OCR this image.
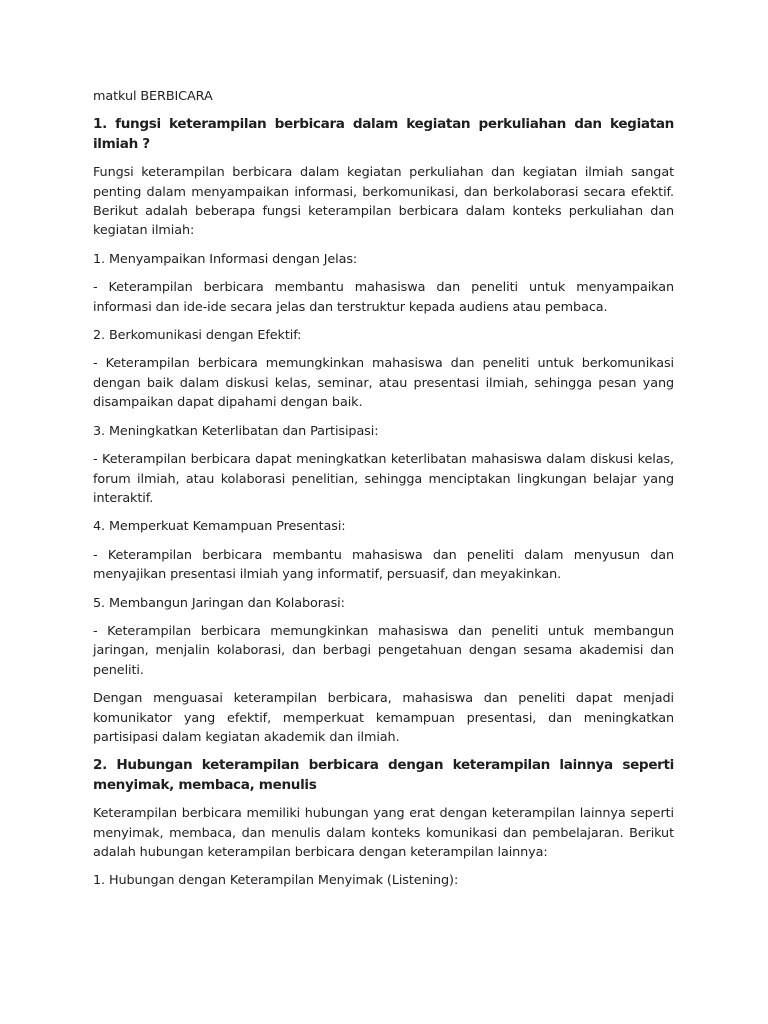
matkul BERBICARA

1. fungsi keterampilan berbicara dalam kegiatan perkuliahan dan kegiatan ilmiah ?

Fungsi keterampilan berbicara dalam kegiatan perkuliahan dan kegiatan ilmiah sangat penting dalam menyampaikan informasi, berkomunikasi, dan berkolaborasi secara efektif. Berikut adalah beberapa fungsi keterampilan berbicara dalam konteks perkuliahan dan kegiatan ilmiah:

1. Menyampaikan Informasi dengan Jelas:

- Keterampilan berbicara membantu mahasiswa dan peneliti untuk menyampaikan informasi dan ide-ide secara jelas dan terstruktur kepada audiens atau pembaca.

2. Berkomunikasi dengan Efektif:

- Keterampilan berbicara memungkinkan mahasiswa dan peneliti untuk berkomunikasi dengan baik dalam diskusi kelas, seminar, atau presentasi ilmiah, sehingga pesan yang disampaikan dapat dipahami dengan baik.

3. Meningkatkan Keterlibatan dan Partisipasi:

- Keterampilan berbicara dapat meningkatkan keterlibatan mahasiswa dalam diskusi kelas, forum ilmiah, atau kolaborasi penelitian, sehingga menciptakan lingkungan belajar yang interaktif.

4. Memperkuat Kemampuan Presentasi:

- Keterampilan berbicara membantu mahasiswa dan peneliti dalam menyusun dan menyajikan presentasi ilmiah yang informatif, persuasif, dan meyakinkan.

5. Membangun Jaringan dan Kolaborasi:

- Keterampilan berbicara memungkinkan mahasiswa dan peneliti untuk membangun jaringan, menjalin kolaborasi, dan berbagi pengetahuan dengan sesama akademisi dan peneliti.

Dengan menguasai keterampilan berbicara, mahasiswa dan peneliti dapat menjadi komunikator yang efektif, memperkuat kemampuan presentasi, dan meningkatkan partisipasi dalam kegiatan akademik dan ilmiah.

2. Hubungan keterampilan berbicara dengan keterampilan lainnya seperti menyimak, membaca, menulis

Keterampilan berbicara memiliki hubungan yang erat dengan keterampilan lainnya seperti menyimak, membaca, dan menulis dalam konteks komunikasi dan pembelajaran. Berikut adalah hubungan keterampilan berbicara dengan keterampilan lainnya:

1. Hubungan dengan Keterampilan Menyimak (Listening):
